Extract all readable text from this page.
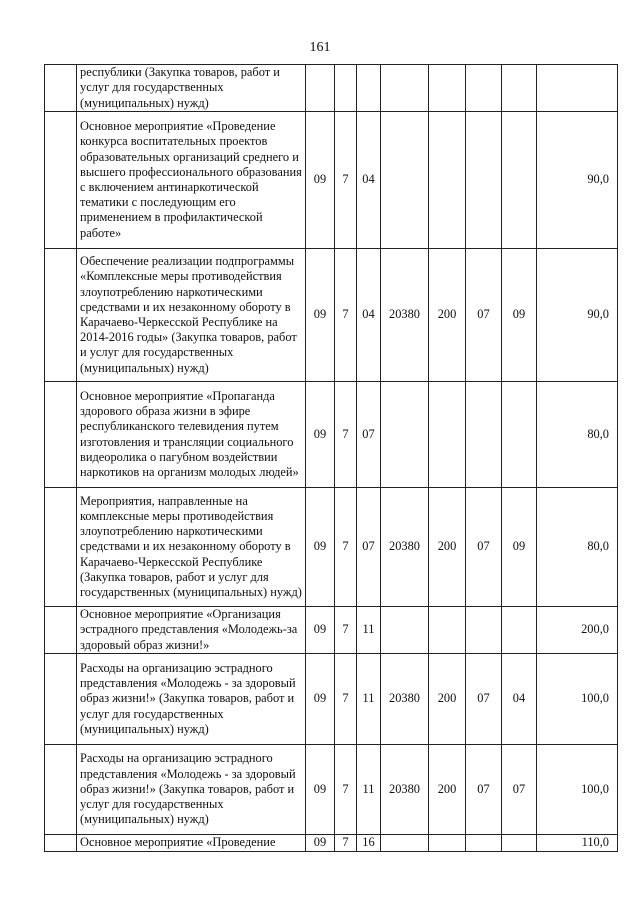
161
	республики (Закупка товаров, работ и услуг для государственных (муниципальных) нужд)								
	Основное мероприятие «Проведение конкурса воспитательных проектов образовательных организаций среднего и высшего профессионального образования с включением антинаркотической тематики с последующим его применением в профилактической работе»	09	7	04					90,0
	Обеспечение реализации подпрограммы «Комплексные меры противодействия злоупотреблению наркотическими средствами и их незаконному обороту в Карачаево-Черкесской Республике на 2014-2016 годы» (Закупка товаров, работ и услуг для государственных (муниципальных) нужд)	09	7	04	20380	200	07	09	90,0
	Основное мероприятие «Пропаганда здорового образа жизни в эфире республиканского телевидения путем изготовления и трансляции социального видеоролика о пагубном воздействии наркотиков на организм молодых людей»	09	7	07					80,0
	Мероприятия, направленные на комплексные меры противодействия злоупотреблению наркотическими средствами и их незаконному обороту в Карачаево-Черкесской Республике (Закупка товаров, работ и услуг для государственных (муниципальных) нужд)	09	7	07	20380	200	07	09	80,0
	Основное мероприятие «Организация эстрадного представления «Молодежь-за здоровый образ жизни!»	09	7	11					200,0
	Расходы на организацию эстрадного представления «Молодежь - за здоровый образ жизни!» (Закупка товаров, работ и услуг для государственных (муниципальных) нужд)	09	7	11	20380	200	07	04	100,0
	Расходы на организацию эстрадного представления «Молодежь - за здоровый образ жизни!» (Закупка товаров, работ и услуг для государственных (муниципальных) нужд)	09	7	11	20380	200	07	07	100,0
	Основное мероприятие «Проведение	09	7	16					110,0
